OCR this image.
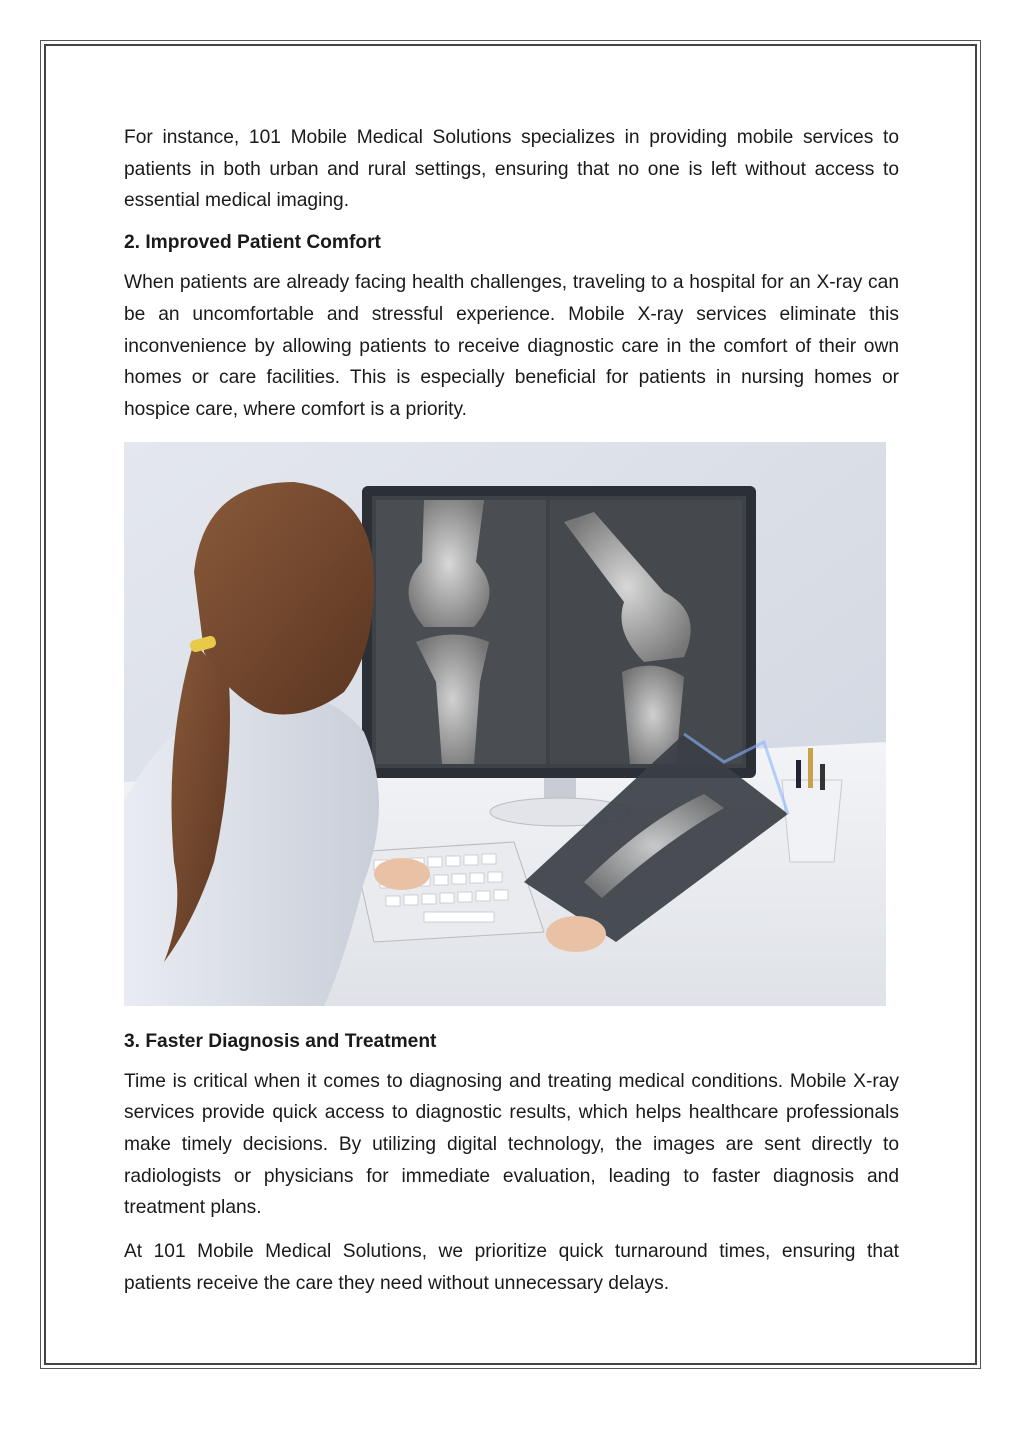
For instance, 101 Mobile Medical Solutions specializes in providing mobile services to patients in both urban and rural settings, ensuring that no one is left without access to essential medical imaging.

2. Improved Patient Comfort

When patients are already facing health challenges, traveling to a hospital for an X-ray can be an uncomfortable and stressful experience. Mobile X-ray services eliminate this inconvenience by allowing patients to receive diagnostic care in the comfort of their own homes or care facilities. This is especially beneficial for patients in nursing homes or hospice care, where comfort is a priority.

3. Faster Diagnosis and Treatment

Time is critical when it comes to diagnosing and treating medical conditions. Mobile X-ray services provide quick access to diagnostic results, which helps healthcare professionals make timely decisions. By utilizing digital technology, the images are sent directly to radiologists or physicians for immediate evaluation, leading to faster diagnosis and treatment plans.

At 101 Mobile Medical Solutions, we prioritize quick turnaround times, ensuring that patients receive the care they need without unnecessary delays.
